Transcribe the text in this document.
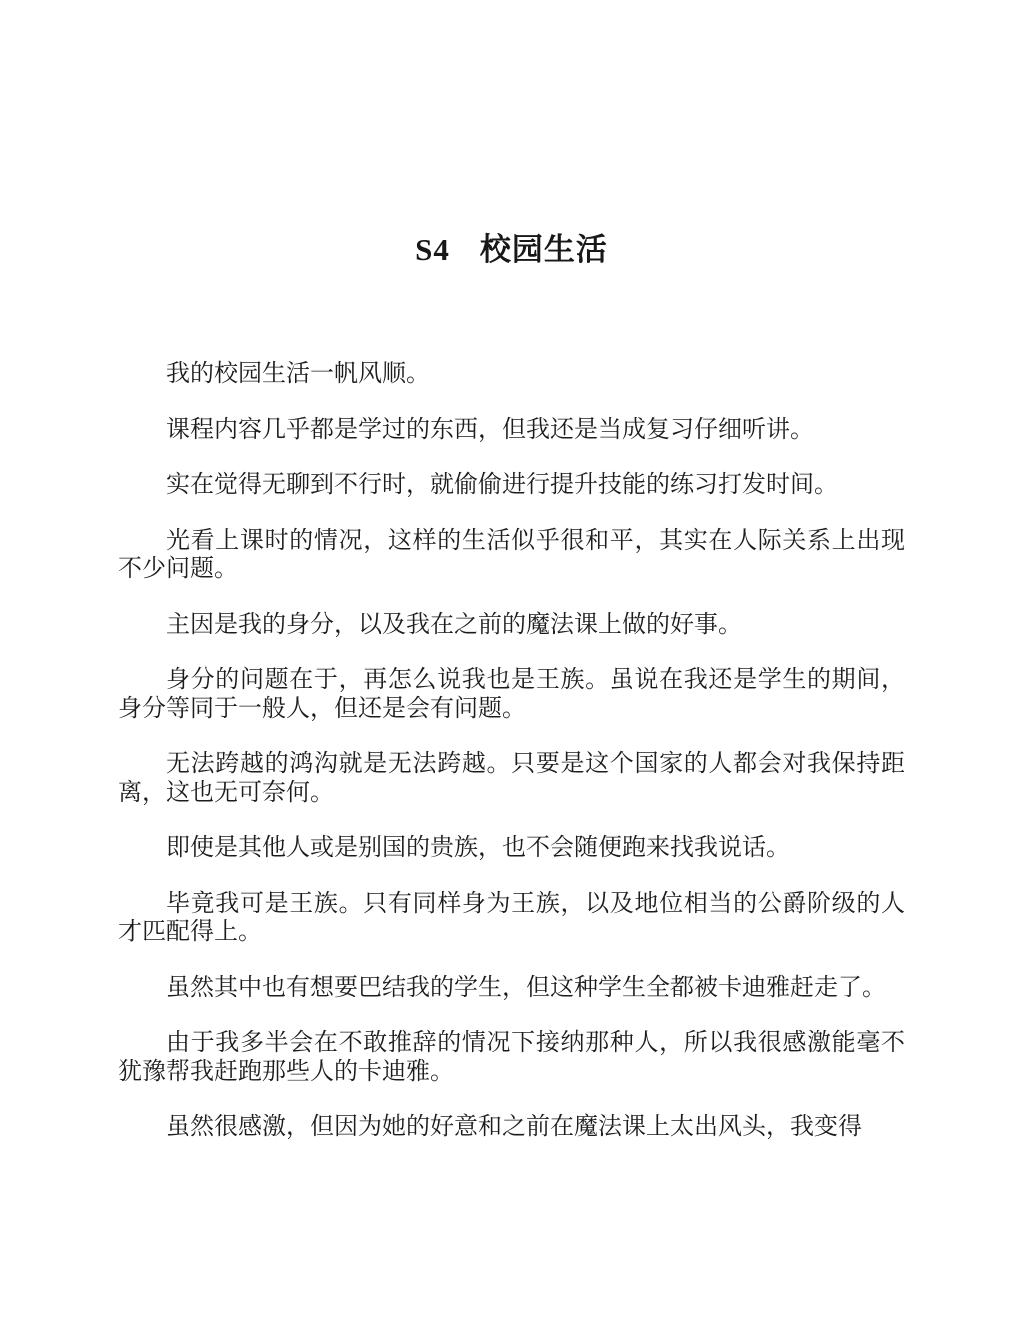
S4 校园生活

我的校园生活一帆风顺。

课程内容几乎都是学过的东西，但我还是当成复习仔细听讲。

实在觉得无聊到不行时，就偷偷进行提升技能的练习打发时间。

光看上课时的情况，这样的生活似乎很和平，其实在人际关系上出现不少问题。

主因是我的身分，以及我在之前的魔法课上做的好事。

身分的问题在于，再怎么说我也是王族。虽说在我还是学生的期间，身分等同于一般人，但还是会有问题。

无法跨越的鸿沟就是无法跨越。只要是这个国家的人都会对我保持距离，这也无可奈何。

即使是其他人或是别国的贵族，也不会随便跑来找我说话。

毕竟我可是王族。只有同样身为王族，以及地位相当的公爵阶级的人才匹配得上。

虽然其中也有想要巴结我的学生，但这种学生全都被卡迪雅赶走了。

由于我多半会在不敢推辞的情况下接纳那种人，所以我很感激能毫不犹豫帮我赶跑那些人的卡迪雅。

虽然很感激，但因为她的好意和之前在魔法课上太出风头，我变得
